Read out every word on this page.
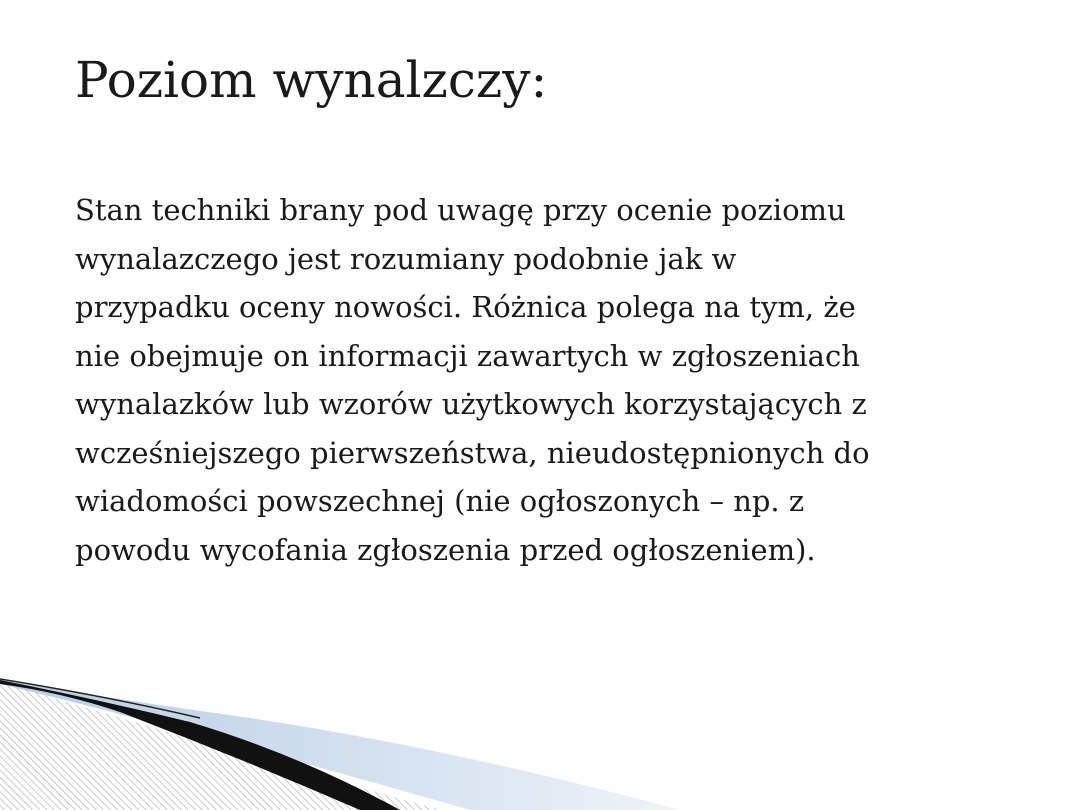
Poziom wynalzczy:
Stan techniki brany pod uwagę przy ocenie poziomu
wynalazczego jest rozumiany podobnie jak w
przypadku oceny nowości. Różnica polega na tym, że
nie obejmuje on informacji zawartych w zgłoszeniach
wynalazków lub wzorów użytkowych korzystających z
wcześniejszego pierwszeństwa, nieudostępnionych do
wiadomości powszechnej (nie ogłoszonych – np. z
powodu wycofania zgłoszenia przed ogłoszeniem).
